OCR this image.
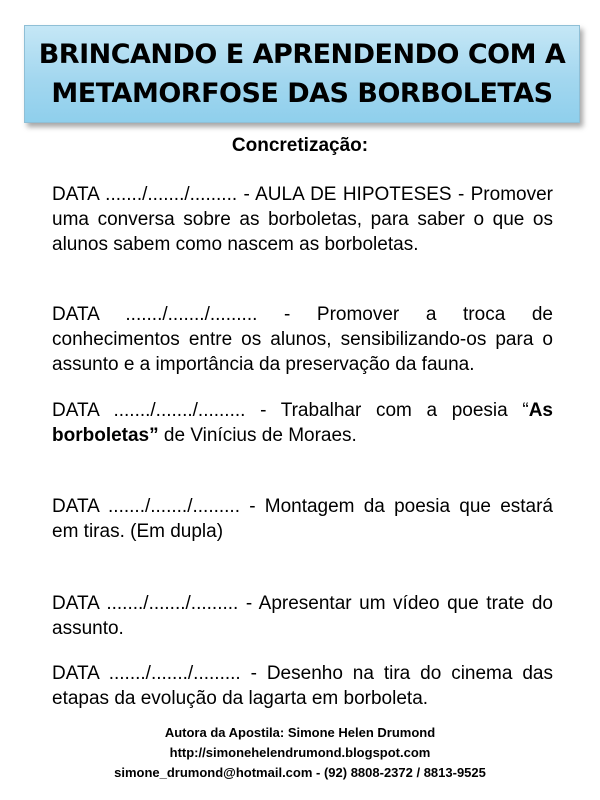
BRINCANDO E APRENDENDO COM A
METAMORFOSE DAS BORBOLETAS
Concretização:

DATA ......./......./......... - AULA DE HIPOTESES - Promover uma conversa sobre as borboletas, para saber o que os alunos sabem como nascem as borboletas.

DATA ......./......./......... - Promover a troca de conhecimentos entre os alunos, sensibilizando-os para o assunto e a importância da preservação da fauna.

DATA ......./......./......... - Trabalhar com a poesia “As borboletas” de Vinícius de Moraes.

DATA ......./......./......... - Montagem da poesia que estará em tiras. (Em dupla)

DATA ......./......./......... - Apresentar um vídeo que trate do assunto.

DATA ......./......./......... - Desenho na tira do cinema das etapas da evolução da lagarta em borboleta.

Autora da Apostila: Simone Helen Drumond
http://simonehelendrumond.blogspot.com
simone_drumond@hotmail.com - (92) 8808-2372 / 8813-9525
